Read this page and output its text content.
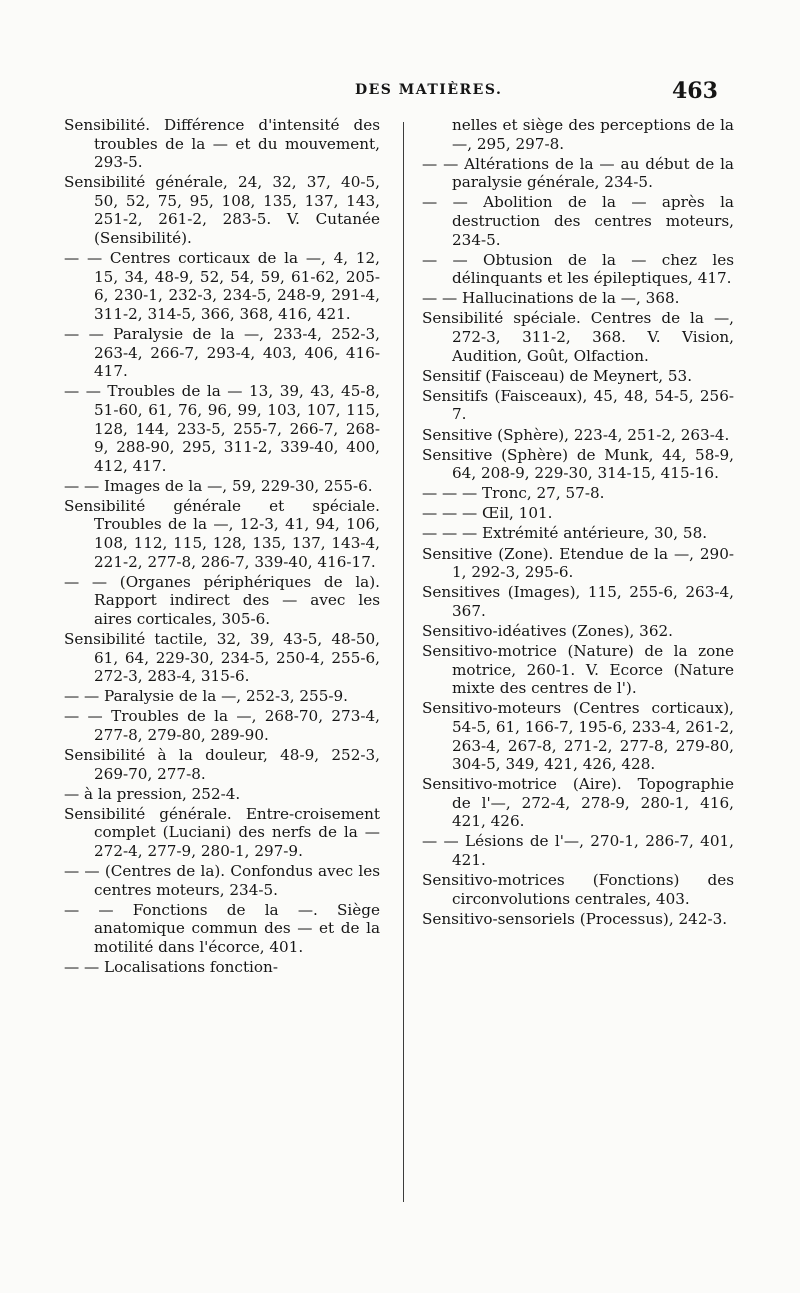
DES MATIÈRES.	463

Sensibilité. Différence d'intensité des troubles de la — et du mouvement, 293-5.

Sensibilité générale, 24, 32, 37, 40-5, 50, 52, 75, 95, 108, 135, 137, 143, 251-2, 261-2, 283-5. V. Cutanée (Sensibilité).

— — Centres corticaux de la —, 4, 12, 15, 34, 48-9, 52, 54, 59, 61-62, 205-6, 230-1, 232-3, 234-5, 248-9, 291-4, 311-2, 314-5, 366, 368, 416, 421.

— — Paralysie de la —, 233-4, 252-3, 263-4, 266-7, 293-4, 403, 406, 416-417.

— — Troubles de la — 13, 39, 43, 45-8, 51-60, 61, 76, 96, 99, 103, 107, 115, 128, 144, 233-5, 255-7, 266-7, 268-9, 288-90, 295, 311-2, 339-40, 400, 412, 417.

— — Images de la —, 59, 229-30, 255-6.

Sensibilité générale et spéciale. Troubles de la —, 12-3, 41, 94, 106, 108, 112, 115, 128, 135, 137, 143-4, 221-2, 277-8, 286-7, 339-40, 416-17.

— — (Organes périphériques de la). Rapport indirect des — avec les aires corticales, 305-6.

Sensibilité tactile, 32, 39, 43-5, 48-50, 61, 64, 229-30, 234-5, 250-4, 255-6, 272-3, 283-4, 315-6.

— — Paralysie de la —, 252-3, 255-9.

— — Troubles de la —, 268-70, 273-4, 277-8, 279-80, 289-90.

Sensibilité à la douleur, 48-9, 252-3, 269-70, 277-8.

— à la pression, 252-4.

Sensibilité générale. Entre-croisement complet (Luciani) des nerfs de la — 272-4, 277-9, 280-1, 297-9.

— — (Centres de la). Confondus avec les centres moteurs, 234-5.

— — Fonctions de la —. Siège anatomique commun des — et de la motilité dans l'écorce, 401.

— — Localisations fonction-

nelles et siège des perceptions de la —, 295, 297-8.

— — Altérations de la — au début de la paralysie générale, 234-5.

— — Abolition de la — après la destruction des centres moteurs, 234-5.

— — Obtusion de la — chez les délinquants et les épileptiques, 417.

— — Hallucinations de la —, 368.

Sensibilité spéciale. Centres de la —, 272-3, 311-2, 368. V. Vision, Audition, Goût, Olfaction.

Sensitif (Faisceau) de Meynert, 53.

Sensitifs (Faisceaux), 45, 48, 54-5, 256-7.

Sensitive (Sphère), 223-4, 251-2, 263-4.

Sensitive (Sphère) de Munk, 44, 58-9, 64, 208-9, 229-30, 314-15, 415-16.

— — — Tronc, 27, 57-8.

— — — Œil, 101.

— — — Extrémité antérieure, 30, 58.

Sensitive (Zone). Etendue de la —, 290-1, 292-3, 295-6.

Sensitives (Images), 115, 255-6, 263-4, 367.

Sensitivo-idéatives (Zones), 362.

Sensitivo-motrice (Nature) de la zone motrice, 260-1. V. Ecorce (Nature mixte des centres de l').

Sensitivo-moteurs (Centres corticaux), 54-5, 61, 166-7, 195-6, 233-4, 261-2, 263-4, 267-8, 271-2, 277-8, 279-80, 304-5, 349, 421, 426, 428.

Sensitivo-motrice (Aire). Topographie de l'—, 272-4, 278-9, 280-1, 416, 421, 426.

— — Lésions de l'—, 270-1, 286-7, 401, 421.

Sensitivo-motrices (Fonctions) des circonvolutions centrales, 403.

Sensitivo-sensoriels (Processus), 242-3.
